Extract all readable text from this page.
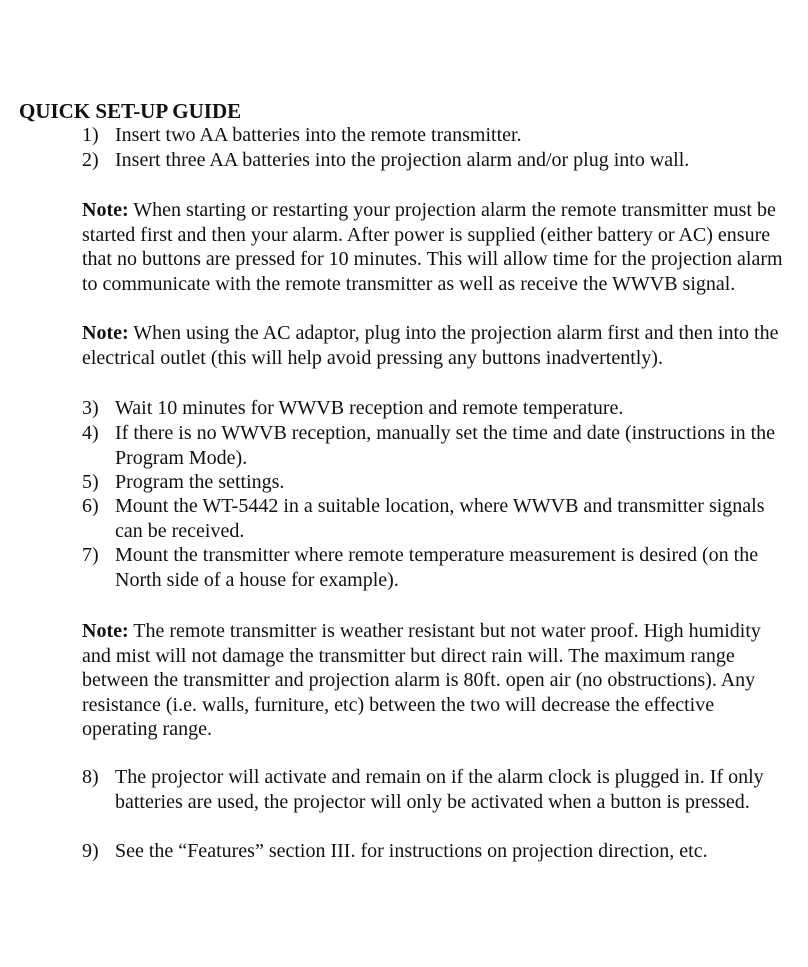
QUICK SET-UP GUIDE
1) Insert two AA batteries into the remote transmitter.
2) Insert three AA batteries into the projection alarm and/or plug into wall.
Note: When starting or restarting your projection alarm the remote transmitter must be started first and then your alarm. After power is supplied (either battery or AC) ensure that no buttons are pressed for 10 minutes. This will allow time for the projection alarm to communicate with the remote transmitter as well as receive the WWVB signal.
Note: When using the AC adaptor, plug into the projection alarm first and then into the electrical outlet (this will help avoid pressing any buttons inadvertently).
3) Wait 10 minutes for WWVB reception and remote temperature.
4) If there is no WWVB reception, manually set the time and date (instructions in the Program Mode).
5) Program the settings.
6) Mount the WT-5442 in a suitable location, where WWVB and transmitter signals can be received.
7) Mount the transmitter where remote temperature measurement is desired (on the North side of a house for example).
Note: The remote transmitter is weather resistant but not water proof. High humidity and mist will not damage the transmitter but direct rain will. The maximum range between the transmitter and projection alarm is 80ft. open air (no obstructions). Any resistance (i.e. walls, furniture, etc) between the two will decrease the effective operating range.
8) The projector will activate and remain on if the alarm clock is plugged in. If only batteries are used, the projector will only be activated when a button is pressed.
9) See the “Features” section III. for instructions on projection direction, etc.
